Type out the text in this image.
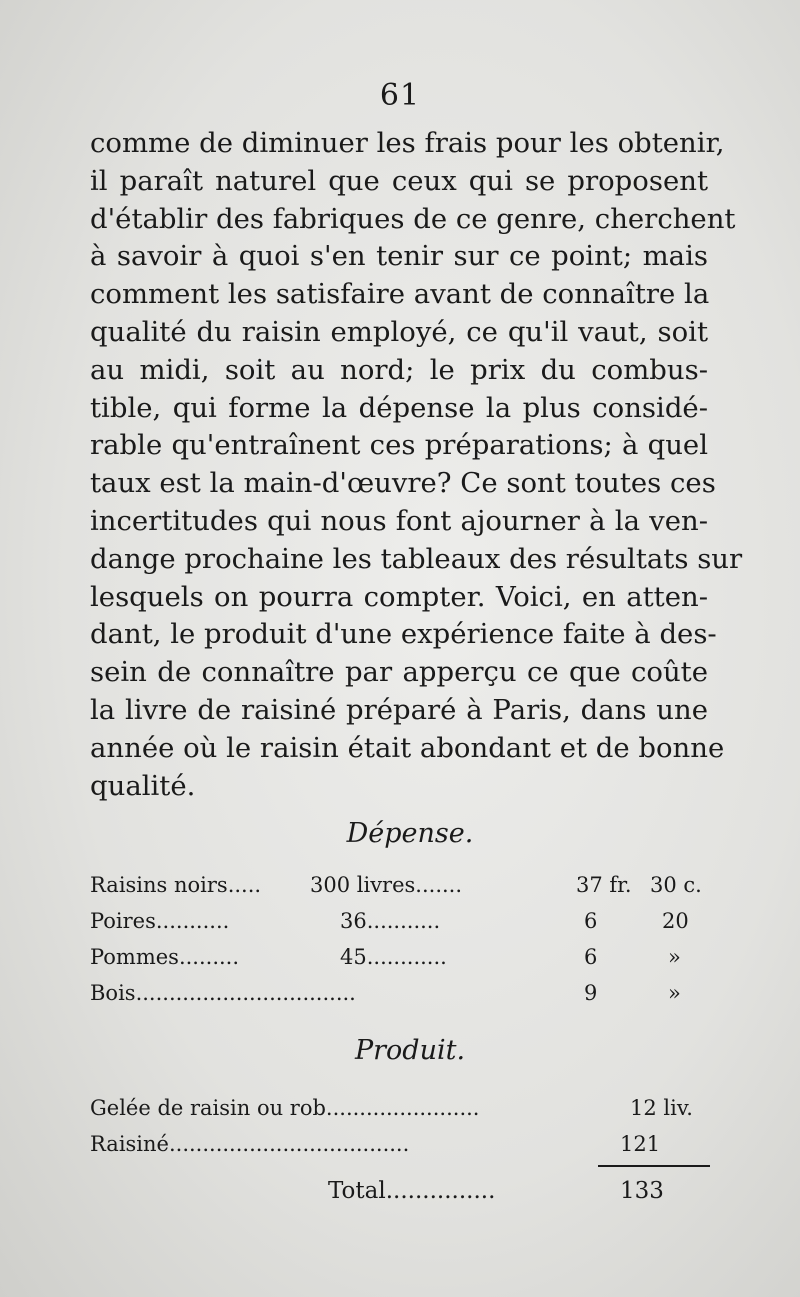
61
comme de diminuer les frais pour les obtenir,
il paraît naturel que ceux qui se proposent
d'établir des fabriques de ce genre, cherchent
à savoir à quoi s'en tenir sur ce point; mais
comment les satisfaire avant de connaître la
qualité du raisin employé, ce qu'il vaut, soit
au midi, soit au nord; le prix du combus-
tible, qui forme la dépense la plus considé-
rable qu'entraînent ces préparations; à quel
taux est la main-d'œuvre? Ce sont toutes ces
incertitudes qui nous font ajourner à la ven-
dange prochaine les tableaux des résultats sur
lesquels on pourra compter. Voici, en atten-
dant, le produit d'une expérience faite à des-
sein de connaître par apperçu ce que coûte
la livre de raisiné préparé à Paris, dans une
année où le raisin était abondant et de bonne
qualité.
Dépense.
Raisins noirs..... 300 livres.......	37 fr. 30 c.
Poires...........	36...........	6	20
Pommes.........	45............	6	»
Bois.................................	9	»
Produit.
Gelée de raisin ou rob.......................	12 liv.
Raisiné....................................	121
Total...............	133
